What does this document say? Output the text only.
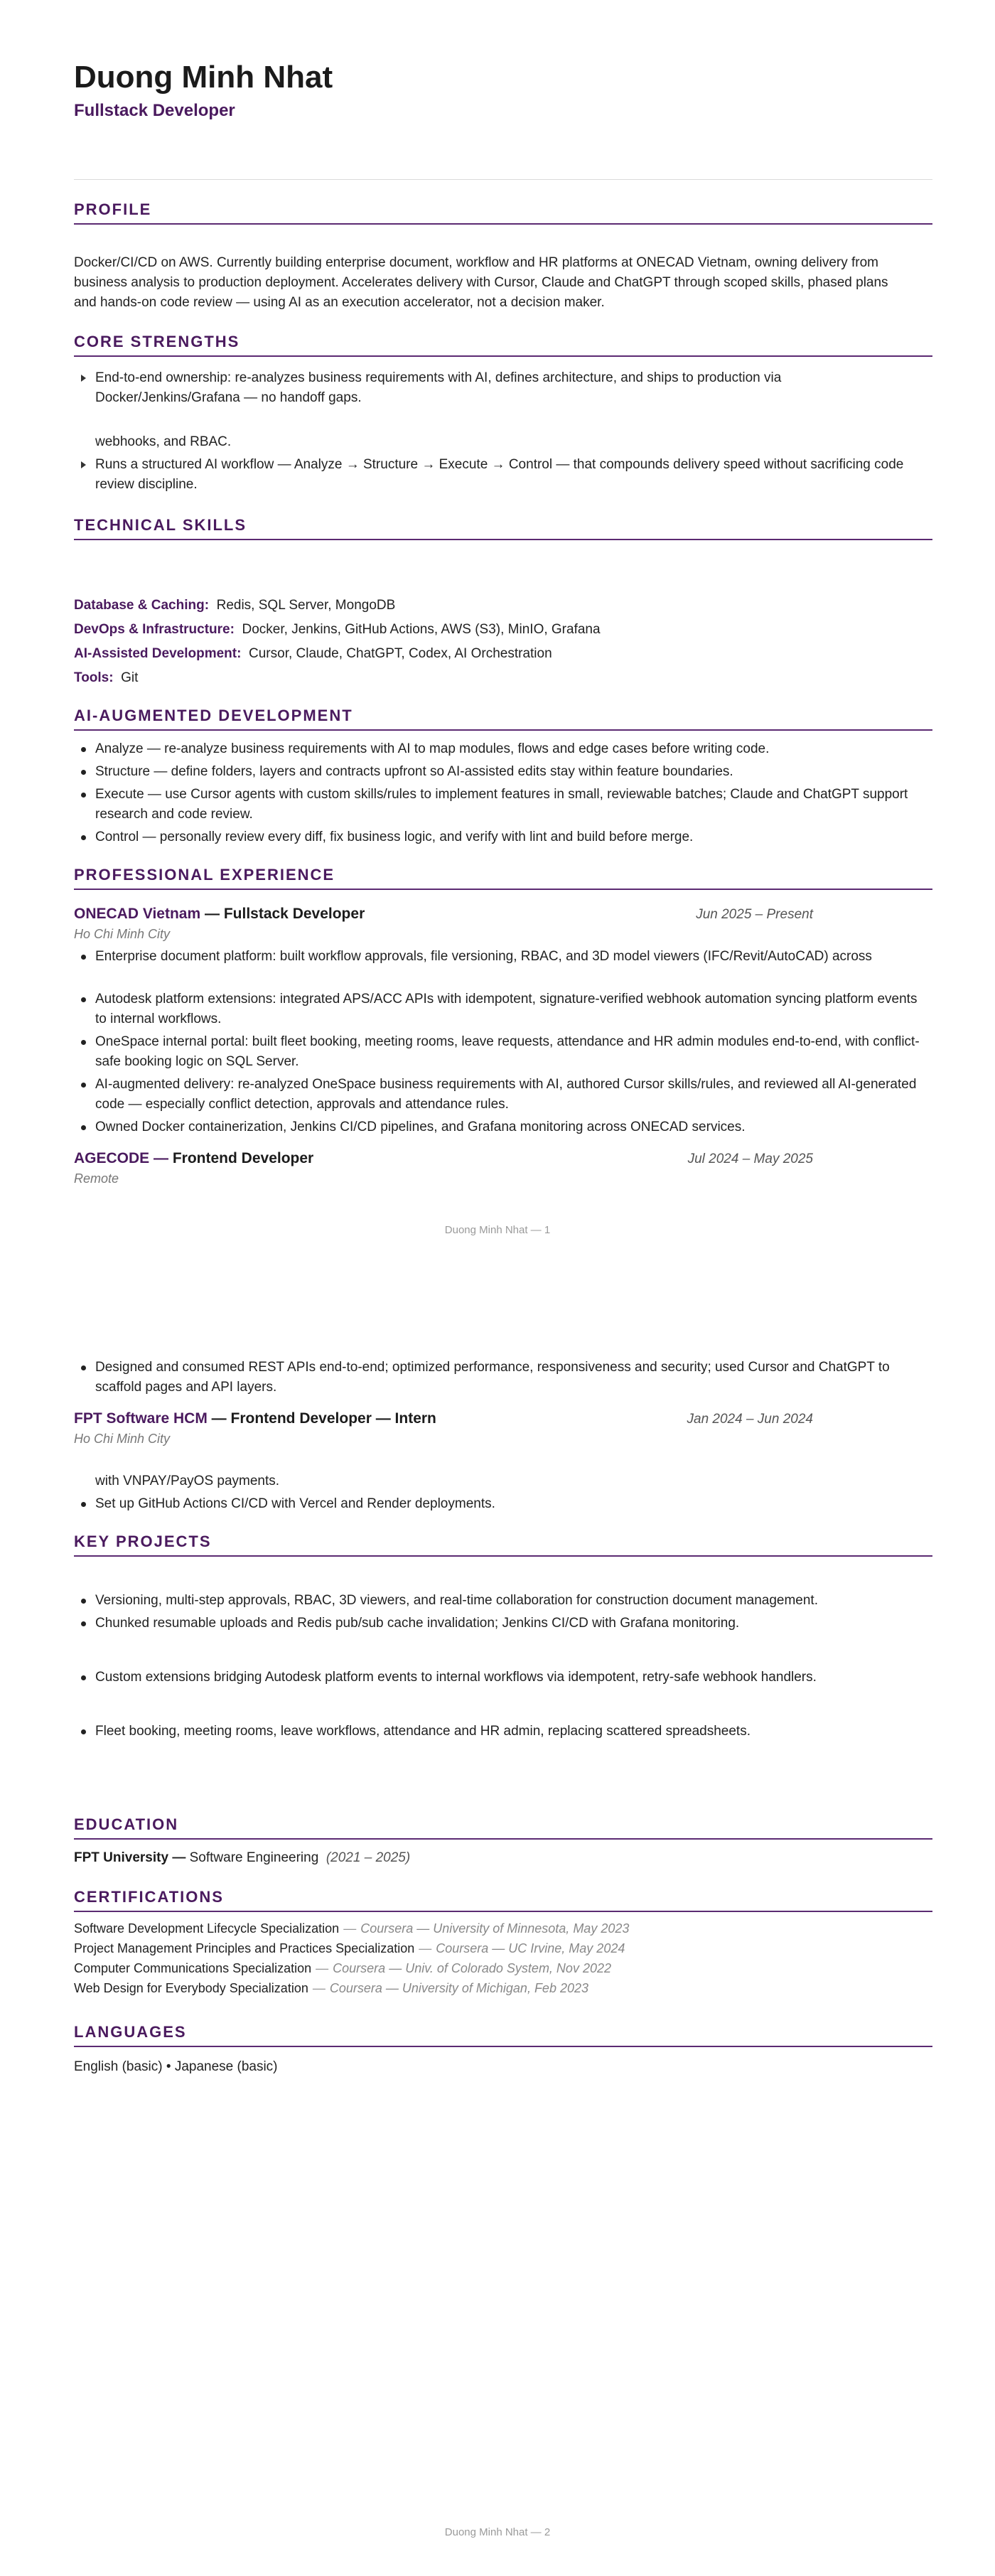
Duong Minh Nhat
Fullstack Developer
PROFILE
Docker/CI/CD on AWS. Currently building enterprise document, workflow and HR platforms at ONECAD Vietnam, owning delivery from business analysis to production deployment. Accelerates delivery with Cursor, Claude and ChatGPT through scoped skills, phased plans and hands-on code review — using AI as an execution accelerator, not a decision maker.
CORE STRENGTHS
End-to-end ownership: re-analyzes business requirements with AI, defines architecture, and ships to production via Docker/Jenkins/Grafana — no handoff gaps.
webhooks, and RBAC.
Runs a structured AI workflow — Analyze → Structure → Execute → Control — that compounds delivery speed without sacrificing code review discipline.
TECHNICAL SKILLS
Database & Caching: Redis, SQL Server, MongoDB
DevOps & Infrastructure: Docker, Jenkins, GitHub Actions, AWS (S3), MinIO, Grafana
AI-Assisted Development: Cursor, Claude, ChatGPT, Codex, AI Orchestration
Tools: Git
AI-AUGMENTED DEVELOPMENT
Analyze — re-analyze business requirements with AI to map modules, flows and edge cases before writing code.
Structure — define folders, layers and contracts upfront so AI-assisted edits stay within feature boundaries.
Execute — use Cursor agents with custom skills/rules to implement features in small, reviewable batches; Claude and ChatGPT support research and code review.
Control — personally review every diff, fix business logic, and verify with lint and build before merge.
PROFESSIONAL EXPERIENCE
ONECAD Vietnam — Fullstack Developer	Jun 2025 – Present
Ho Chi Minh City
Enterprise document platform: built workflow approvals, file versioning, RBAC, and 3D model viewers (IFC/Revit/AutoCAD) across
Autodesk platform extensions: integrated APS/ACC APIs with idempotent, signature-verified webhook automation syncing platform events to internal workflows.
OneSpace internal portal: built fleet booking, meeting rooms, leave requests, attendance and HR admin modules end-to-end, with conflict-safe booking logic on SQL Server.
AI-augmented delivery: re-analyzed OneSpace business requirements with AI, authored Cursor skills/rules, and reviewed all AI-generated code — especially conflict detection, approvals and attendance rules.
Owned Docker containerization, Jenkins CI/CD pipelines, and Grafana monitoring across ONECAD services.
AGECODE — Frontend Developer	Jul 2024 – May 2025
Remote
Duong Minh Nhat — 1
Designed and consumed REST APIs end-to-end; optimized performance, responsiveness and security; used Cursor and ChatGPT to scaffold pages and API layers.
FPT Software HCM — Frontend Developer — Intern	Jan 2024 – Jun 2024
Ho Chi Minh City
with VNPAY/PayOS payments.
Set up GitHub Actions CI/CD with Vercel and Render deployments.
KEY PROJECTS
Versioning, multi-step approvals, RBAC, 3D viewers, and real-time collaboration for construction document management.
Chunked resumable uploads and Redis pub/sub cache invalidation; Jenkins CI/CD with Grafana monitoring.
Custom extensions bridging Autodesk platform events to internal workflows via idempotent, retry-safe webhook handlers.
Fleet booking, meeting rooms, leave workflows, attendance and HR admin, replacing scattered spreadsheets.
EDUCATION
FPT University — Software Engineering (2021 – 2025)
CERTIFICATIONS
Software Development Lifecycle Specialization — Coursera — University of Minnesota, May 2023
Project Management Principles and Practices Specialization — Coursera — UC Irvine, May 2024
Computer Communications Specialization — Coursera — Univ. of Colorado System, Nov 2022
Web Design for Everybody Specialization — Coursera — University of Michigan, Feb 2023
LANGUAGES
English (basic) • Japanese (basic)
Duong Minh Nhat — 2
